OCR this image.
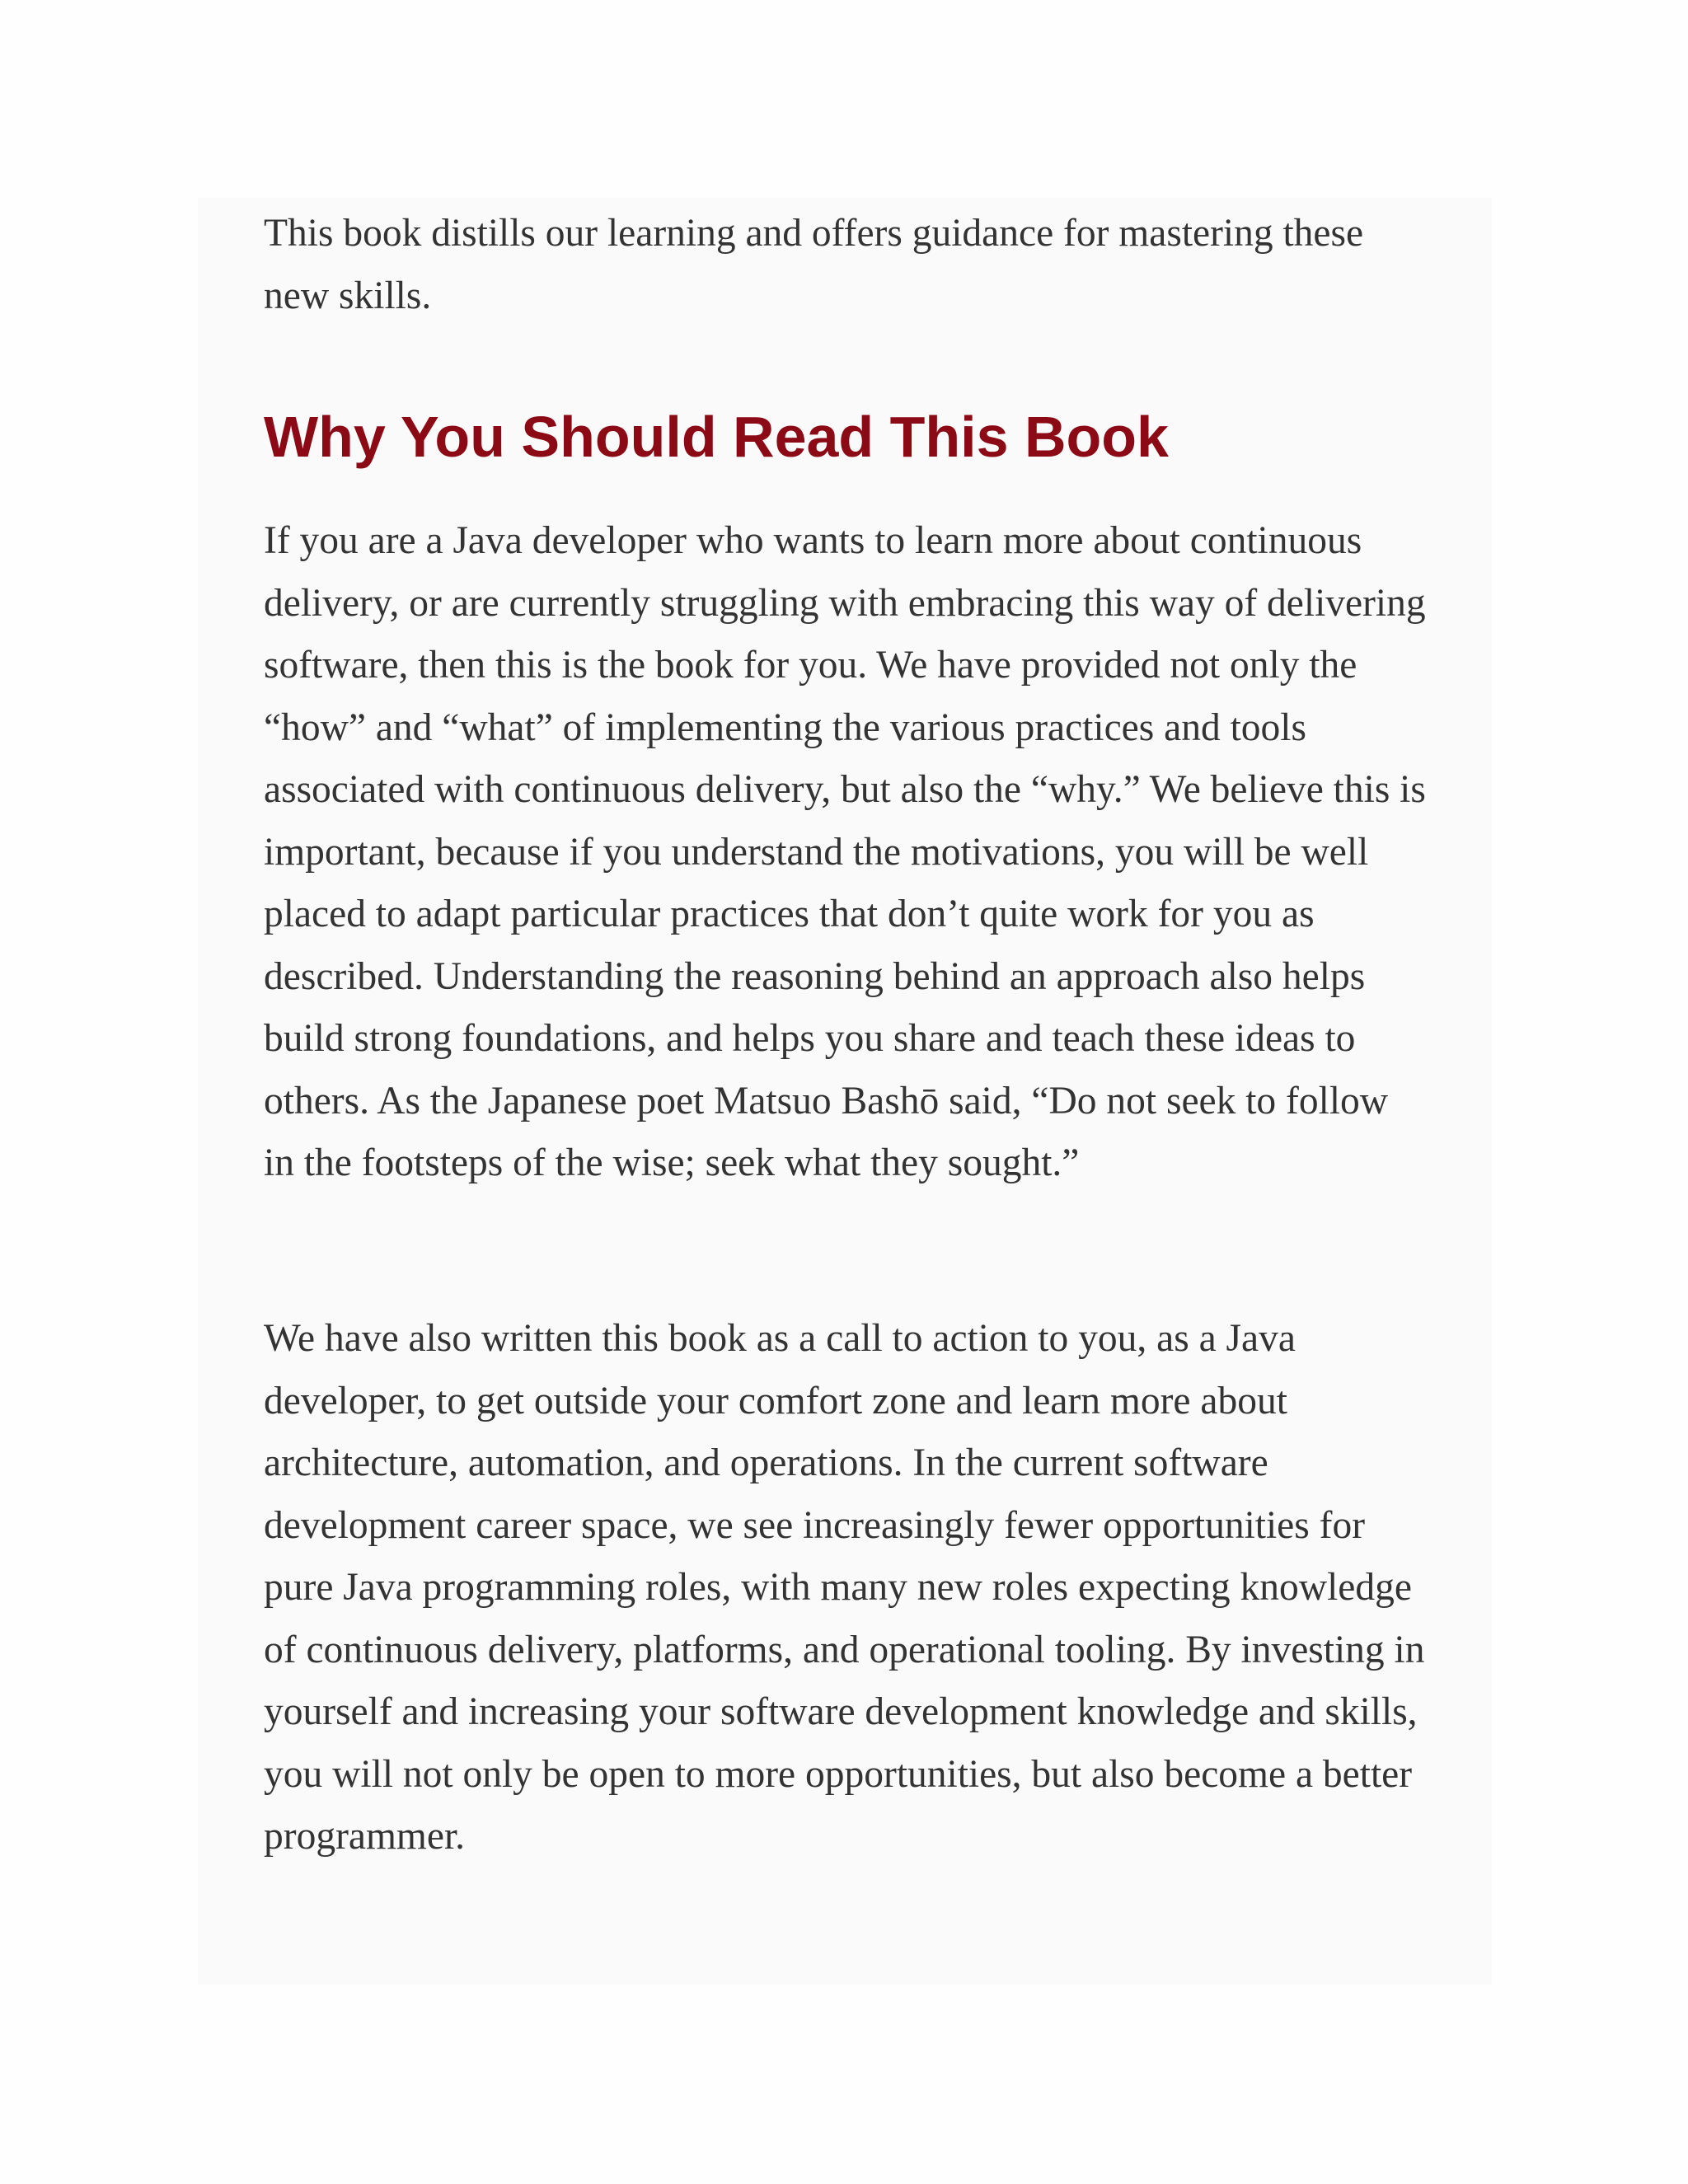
This book distills our learning and offers guidance for mastering these new skills.

Why You Should Read This Book

If you are a Java developer who wants to learn more about continuous delivery, or are currently struggling with embracing this way of delivering software, then this is the book for you. We have provided not only the “how” and “what” of implementing the various practices and tools associated with continuous delivery, but also the “why.” We believe this is important, because if you understand the motivations, you will be well placed to adapt particular practices that don’t quite work for you as described. Understanding the reasoning behind an approach also helps build strong foundations, and helps you share and teach these ideas to others. As the Japanese poet Matsuo Bashō said, “Do not seek to follow in the footsteps of the wise; seek what they sought.”

We have also written this book as a call to action to you, as a Java developer, to get outside your comfort zone and learn more about architecture, automation, and operations. In the current software development career space, we see increasingly fewer opportunities for pure Java programming roles, with many new roles expecting knowledge of continuous delivery, platforms, and operational tooling. By investing in yourself and increasing your software development knowledge and skills, you will not only be open to more opportunities, but also become a better programmer.
